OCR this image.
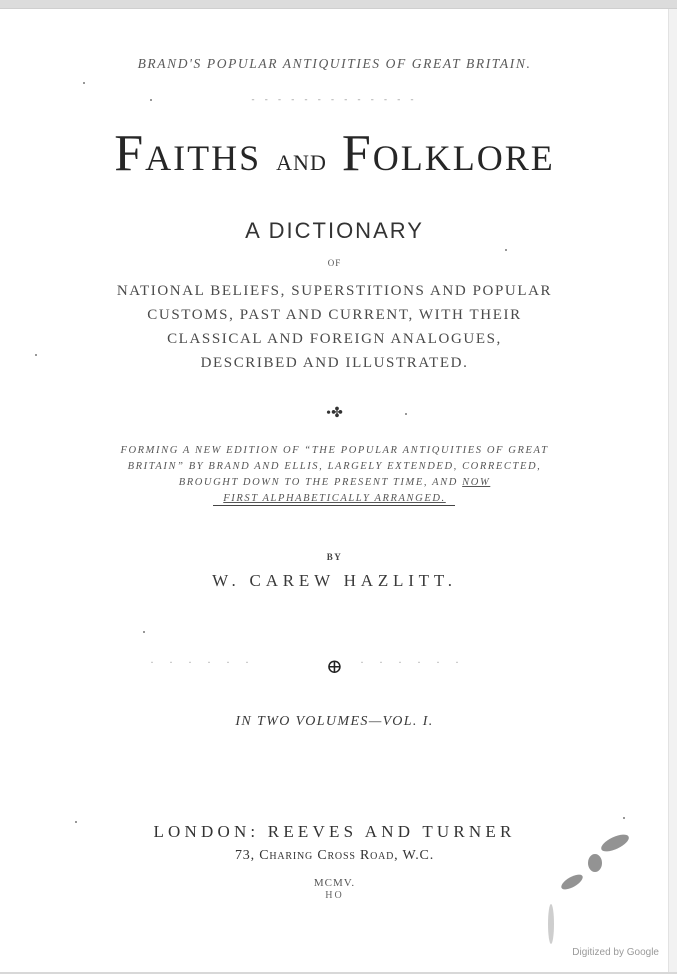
BRAND'S POPULAR ANTIQUITIES OF GREAT BRITAIN.
- - - - - - - - - - - - -
Faiths AND Folklore
A DICTIONARY
OF
NATIONAL BELIEFS, SUPERSTITIONS AND POPULAR
CUSTOMS, PAST AND CURRENT, WITH THEIR
CLASSICAL AND FOREIGN ANALOGUES,
DESCRIBED AND ILLUSTRATED.
•✤
FORMING A NEW EDITION OF “THE POPULAR ANTIQUITIES OF GREAT
BRITAIN” BY BRAND AND ELLIS, LARGELY EXTENDED, CORRECTED,
BROUGHT DOWN TO THE PRESENT TIME, AND NOW
FIRST ALPHABETICALLY ARRANGED.
BY
W. CAREW HAZLITT.
· · · · · ·	⊕	· · · · · ·
IN TWO VOLUMES—VOL. I.
LONDON: REEVES AND TURNER
73, Charing Cross Road, W.C.
MCMV.
HO
Digitized by Google
